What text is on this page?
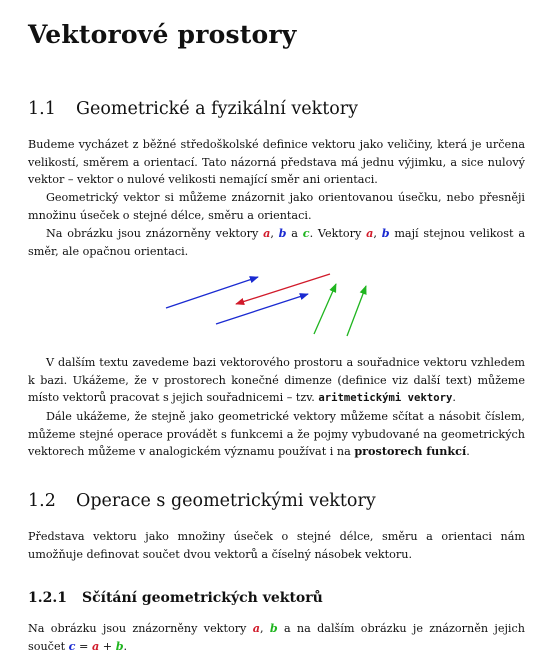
Vektorové prostory
1.1 Geometrické a fyzikální vektory

Budeme vycházet z běžné středoškolské definice vektoru jako veličiny, která je určena velikostí, směrem a orientací. Tato názorná představa má jednu výjimku, a sice nulový vektor – vektor o nulové velikosti nemající směr ani orientaci.

Geometrický vektor si můžeme znázornit jako orientovanou úsečku, nebo přesněji množinu úseček o stejné délce, směru a orientaci.

Na obrázku jsou znázorněny vektory a, b a c. Vektory a, b mají stejnou velikost a směr, ale opačnou orientaci.

V dalším textu zavedeme bazi vektorového prostoru a souřadnice vektoru vzhledem k bazi. Ukážeme, že v prostorech konečné dimenze (definice viz další text) můžeme místo vektorů pracovat s jejich souřadnicemi – tzv. aritmetickými vektory.

Dále ukážeme, že stejně jako geometrické vektory můžeme sčítat a násobit číslem, můžeme stejné operace provádět s funkcemi a že pojmy vybudované na geometrických vektorech můžeme v analogickém významu používat i na prostorech funkcí.

1.2 Operace s geometrickými vektory

Představa vektoru jako množiny úseček o stejné délce, směru a orientaci nám umožňuje definovat součet dvou vektorů a číselný násobek vektoru.

1.2.1 Sčítání geometrických vektorů

Na obrázku jsou znázorněny vektory a, b a na dalším obrázku je znázorněn jejich součet c = a + b.
